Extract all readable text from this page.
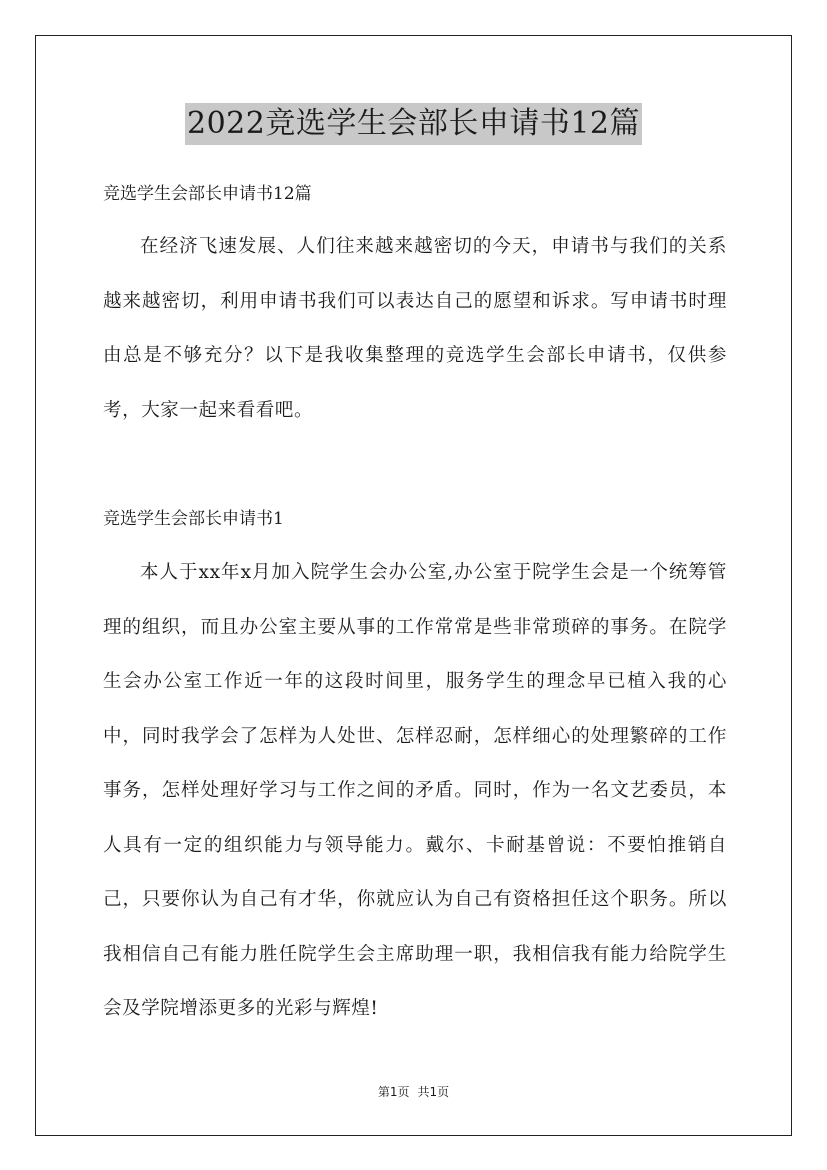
2022竞选学生会部长申请书12篇
竞选学生会部长申请书12篇

在经济飞速发展、人们往来越来越密切的今天，申请书与我们的关系越来越密切，利用申请书我们可以表达自己的愿望和诉求。写申请书时理由总是不够充分？以下是我收集整理的竞选学生会部长申请书，仅供参考，大家一起来看看吧。

竞选学生会部长申请书1

本人于xx年x月加入院学生会办公室,办公室于院学生会是一个统筹管理的组织，而且办公室主要从事的工作常常是些非常琐碎的事务。在院学生会办公室工作近一年的这段时间里，服务学生的理念早已植入我的心中，同时我学会了怎样为人处世、怎样忍耐，怎样细心的处理繁碎的工作事务，怎样处理好学习与工作之间的矛盾。同时，作为一名文艺委员，本人具有一定的组织能力与领导能力。戴尔、卡耐基曾说：不要怕推销自己，只要你认为自己有才华，你就应认为自己有资格担任这个职务。所以我相信自己有能力胜任院学生会主席助理一职，我相信我有能力给院学生会及学院增添更多的光彩与辉煌!

第1页 共1页
